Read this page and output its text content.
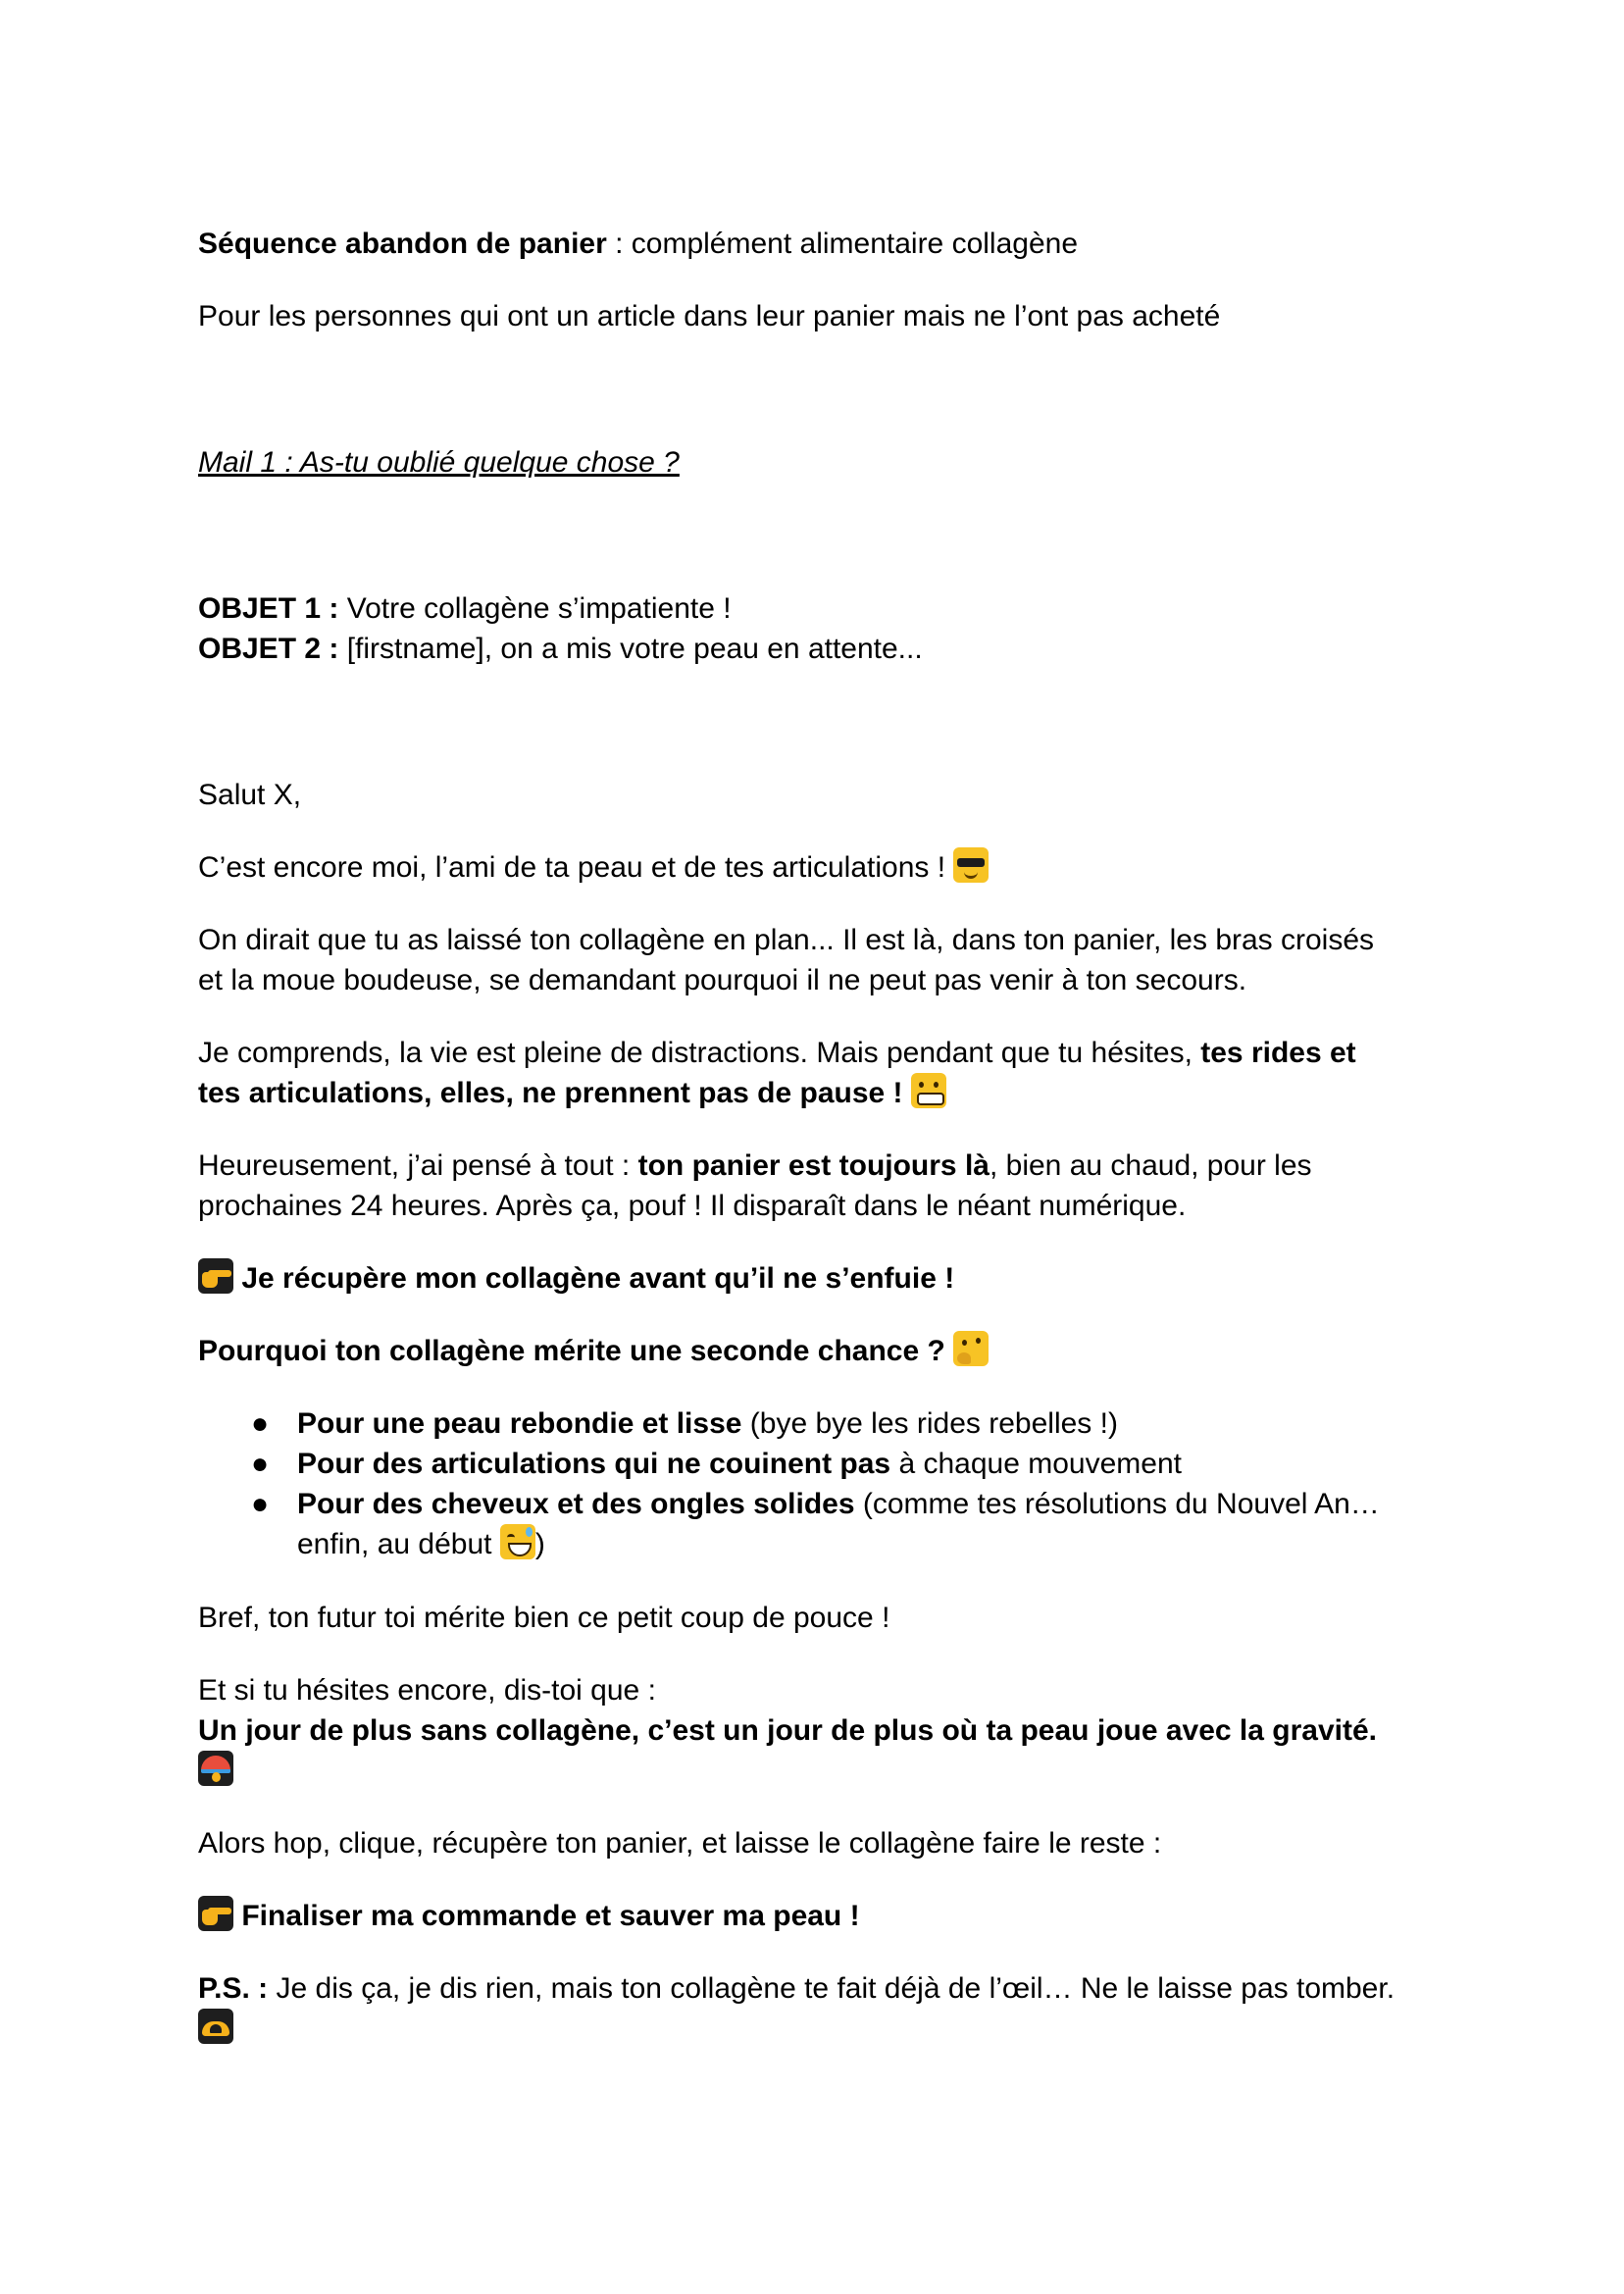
Séquence abandon de panier : complément alimentaire collagène

Pour les personnes qui ont un article dans leur panier mais ne l’ont pas acheté

Mail 1 : As-tu oublié quelque chose ?

OBJET 1 : Votre collagène s’impatiente !

OBJET 2 : [firstname], on a mis votre peau en attente...

Salut X,

C’est encore moi, l’ami de ta peau et de tes articulations !

On dirait que tu as laissé ton collagène en plan... Il est là, dans ton panier, les bras croisés

et la moue boudeuse, se demandant pourquoi il ne peut pas venir à ton secours.

Je comprends, la vie est pleine de distractions. Mais pendant que tu hésites, tes rides et

tes articulations, elles, ne prennent pas de pause !

Heureusement, j’ai pensé à tout : ton panier est toujours là, bien au chaud, pour les

prochaines 24 heures. Après ça, pouf ! Il disparaît dans le néant numérique.

Je récupère mon collagène avant qu’il ne s’enfuie !

Pourquoi ton collagène mérite une seconde chance ?

● Pour une peau rebondie et lisse (bye bye les rides rebelles !)
● Pour des articulations qui ne couinent pas à chaque mouvement
● Pour des cheveux et des ongles solides (comme tes résolutions du Nouvel An…
enfin, au début
)

Bref, ton futur toi mérite bien ce petit coup de pouce !

Et si tu hésites encore, dis-toi que :

Un jour de plus sans collagène, c’est un jour de plus où ta peau joue avec la gravité.

Alors hop, clique, récupère ton panier, et laisse le collagène faire le reste :

Finaliser ma commande et sauver ma peau !

P.S. : Je dis ça, je dis rien, mais ton collagène te fait déjà de l’œil… Ne le laisse pas tomber.
